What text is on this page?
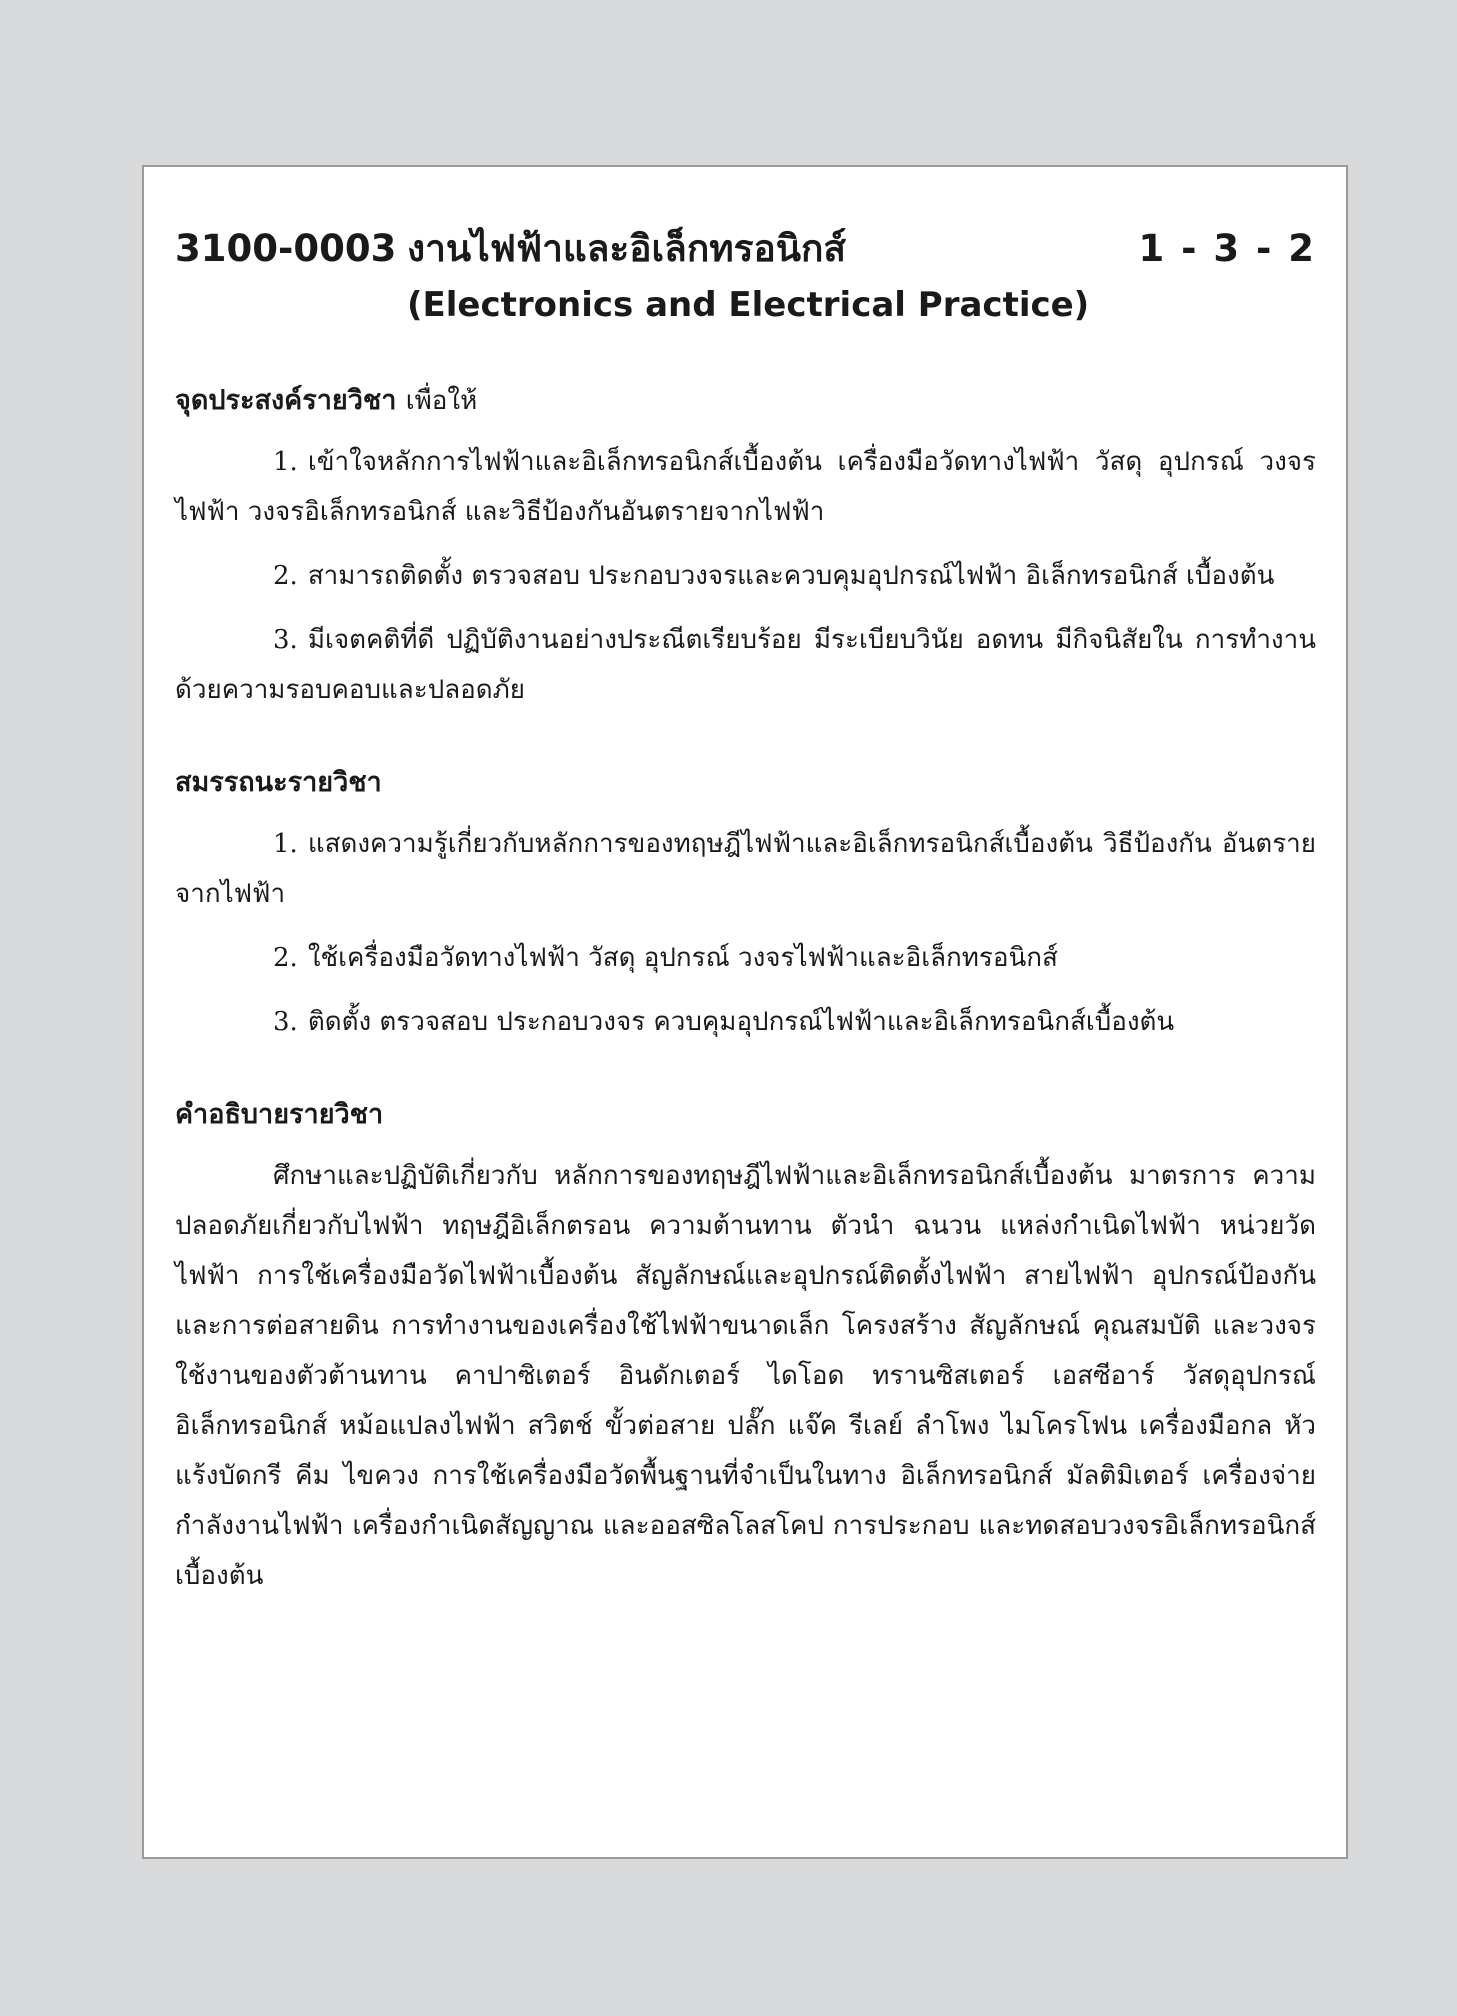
3100-0003 งานไฟฟ้าและอิเล็กทรอนิกส์	1 - 3 - 2
(Electronics and Electrical Practice)
จุดประสงค์รายวิชา เพื่อให้

1. เข้าใจหลักการไฟฟ้าและอิเล็กทรอนิกส์เบื้องต้น เครื่องมือวัดทางไฟฟ้า วัสดุ อุปกรณ์ วงจรไฟฟ้า วงจรอิเล็กทรอนิกส์ และวิธีป้องกันอันตรายจากไฟฟ้า

2. สามารถติดตั้ง ตรวจสอบ ประกอบวงจรและควบคุมอุปกรณ์ไฟฟ้า อิเล็กทรอนิกส์ เบื้องต้น

3. มีเจตคติที่ดี ปฏิบัติงานอย่างประณีตเรียบร้อย มีระเบียบวินัย อดทน มีกิจนิสัยใน การทำงานด้วยความรอบคอบและปลอดภัย

สมรรถนะรายวิชา

1. แสดงความรู้เกี่ยวกับหลักการของทฤษฎีไฟฟ้าและอิเล็กทรอนิกส์เบื้องต้น วิธีป้องกัน อันตรายจากไฟฟ้า

2. ใช้เครื่องมือวัดทางไฟฟ้า วัสดุ อุปกรณ์ วงจรไฟฟ้าและอิเล็กทรอนิกส์

3. ติดตั้ง ตรวจสอบ ประกอบวงจร ควบคุมอุปกรณ์ไฟฟ้าและอิเล็กทรอนิกส์เบื้องต้น

คำอธิบายรายวิชา

ศึกษาและปฏิบัติเกี่ยวกับ หลักการของทฤษฎีไฟฟ้าและอิเล็กทรอนิกส์เบื้องต้น มาตรการ ความปลอดภัยเกี่ยวกับไฟฟ้า ทฤษฎีอิเล็กตรอน ความต้านทาน ตัวนำ ฉนวน แหล่งกำเนิดไฟฟ้า หน่วยวัดไฟฟ้า การใช้เครื่องมือวัดไฟฟ้าเบื้องต้น สัญลักษณ์และอุปกรณ์ติดตั้งไฟฟ้า สายไฟฟ้า อุปกรณ์ป้องกันและการต่อสายดิน การทำงานของเครื่องใช้ไฟฟ้าขนาดเล็ก โครงสร้าง สัญลักษณ์ คุณสมบัติ และวงจรใช้งานของตัวต้านทาน คาปาซิเตอร์ อินดักเตอร์ ไดโอด ทรานซิสเตอร์ เอสซีอาร์ วัสดุอุปกรณ์อิเล็กทรอนิกส์ หม้อแปลงไฟฟ้า สวิตช์ ขั้วต่อสาย ปลั๊ก แจ๊ค รีเลย์ ลำโพง ไมโครโฟน เครื่องมือกล หัวแร้งบัดกรี คีม ไขควง การใช้เครื่องมือวัดพื้นฐานที่จำเป็นในทาง อิเล็กทรอนิกส์ มัลติมิเตอร์ เครื่องจ่ายกำลังงานไฟฟ้า เครื่องกำเนิดสัญญาณ และออสซิลโลสโคป การประกอบ และทดสอบวงจรอิเล็กทรอนิกส์เบื้องต้น
